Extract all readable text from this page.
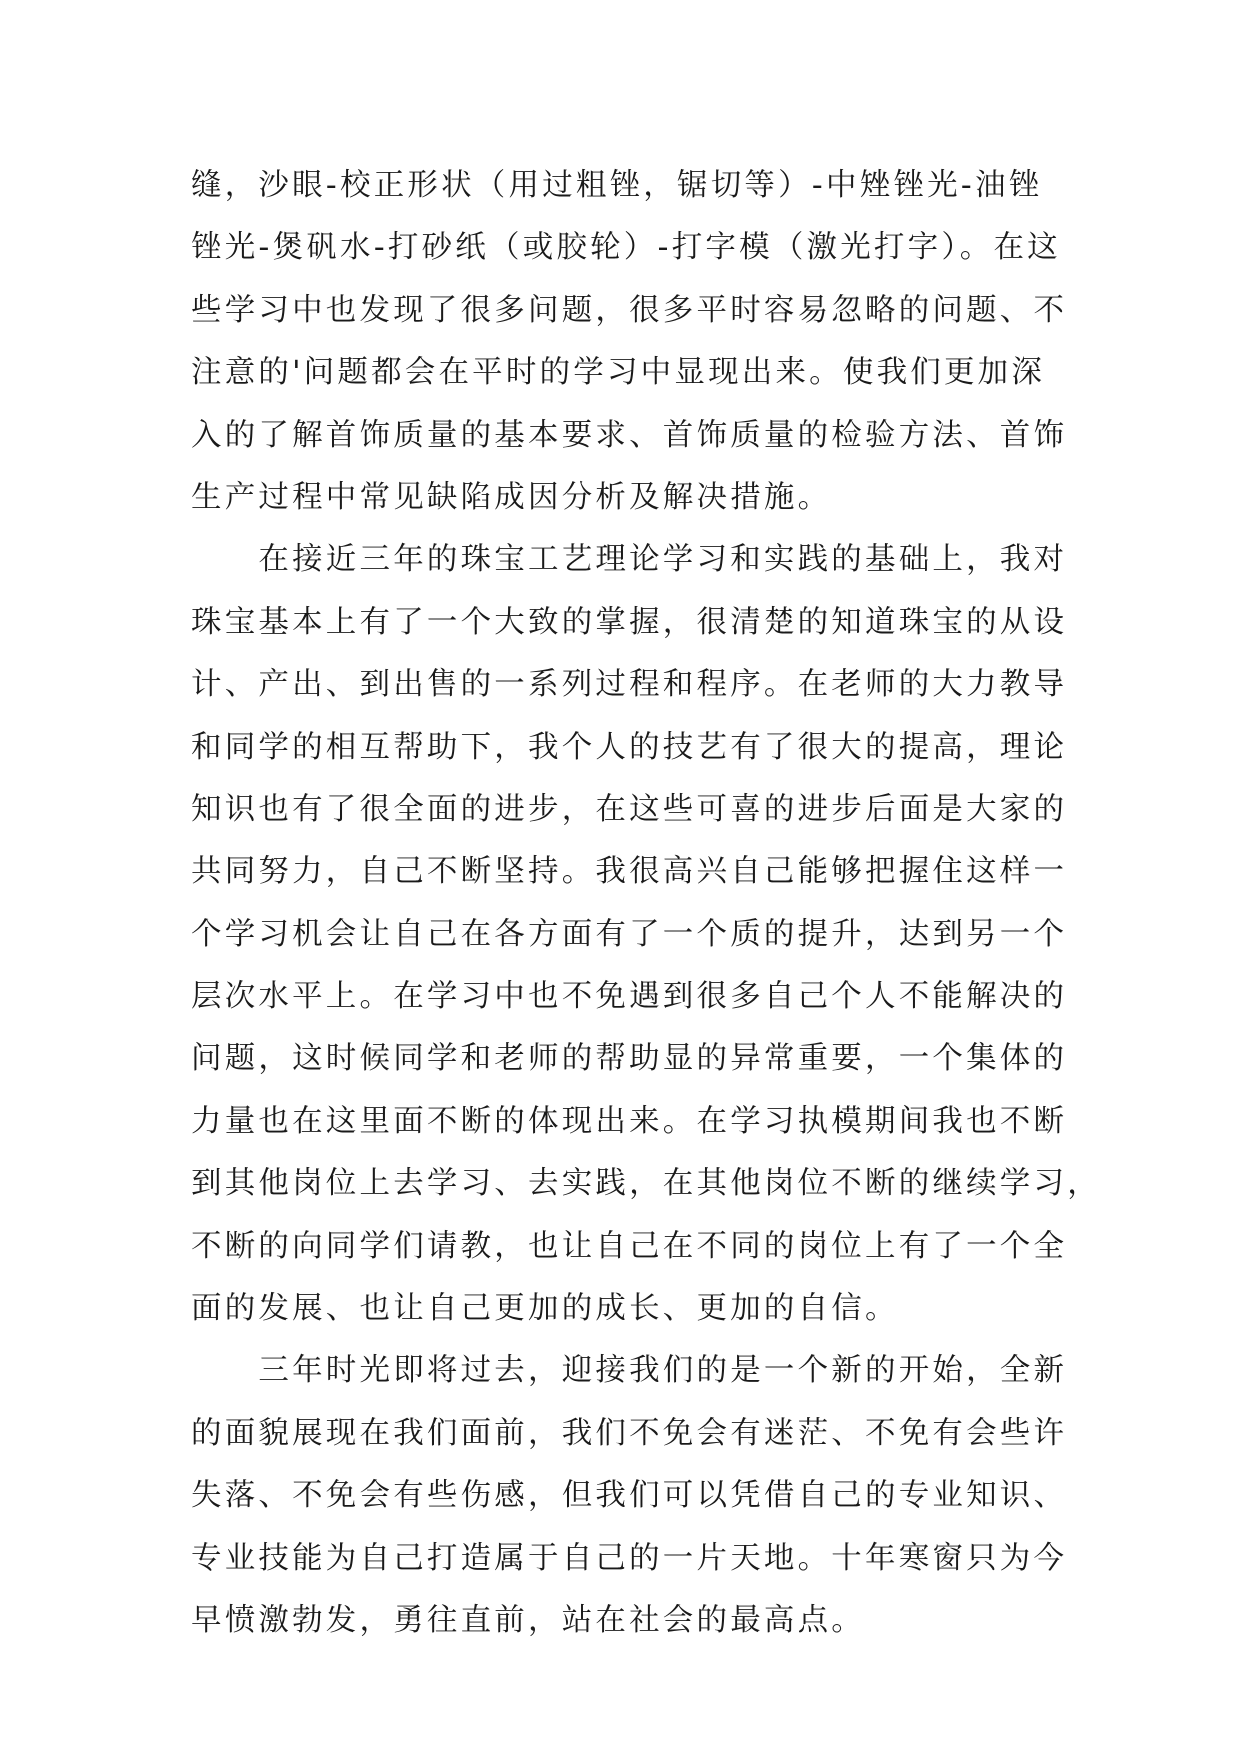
缝，沙眼-校正形状（用过粗锉，锯切等）-中矬锉光-油锉
锉光-煲矾水-打砂纸（或胶轮）-打字模（激光打字）。在这
些学习中也发现了很多问题，很多平时容易忽略的问题、不
注意的'问题都会在平时的学习中显现出来。使我们更加深
入的了解首饰质量的基本要求、首饰质量的检验方法、首饰
生产过程中常见缺陷成因分析及解决措施。
　　在接近三年的珠宝工艺理论学习和实践的基础上，我对
珠宝基本上有了一个大致的掌握，很清楚的知道珠宝的从设
计、产出、到出售的一系列过程和程序。在老师的大力教导
和同学的相互帮助下，我个人的技艺有了很大的提高，理论
知识也有了很全面的进步，在这些可喜的进步后面是大家的
共同努力，自己不断坚持。我很高兴自己能够把握住这样一
个学习机会让自己在各方面有了一个质的提升，达到另一个
层次水平上。在学习中也不免遇到很多自己个人不能解决的
问题，这时候同学和老师的帮助显的异常重要，一个集体的
力量也在这里面不断的体现出来。在学习执模期间我也不断
到其他岗位上去学习、去实践，在其他岗位不断的继续学习，
不断的向同学们请教，也让自己在不同的岗位上有了一个全
面的发展、也让自己更加的成长、更加的自信。
　　三年时光即将过去，迎接我们的是一个新的开始，全新
的面貌展现在我们面前，我们不免会有迷茫、不免有会些许
失落、不免会有些伤感，但我们可以凭借自己的专业知识、
专业技能为自己打造属于自己的一片天地。十年寒窗只为今
早愤激勃发，勇往直前，站在社会的最高点。
